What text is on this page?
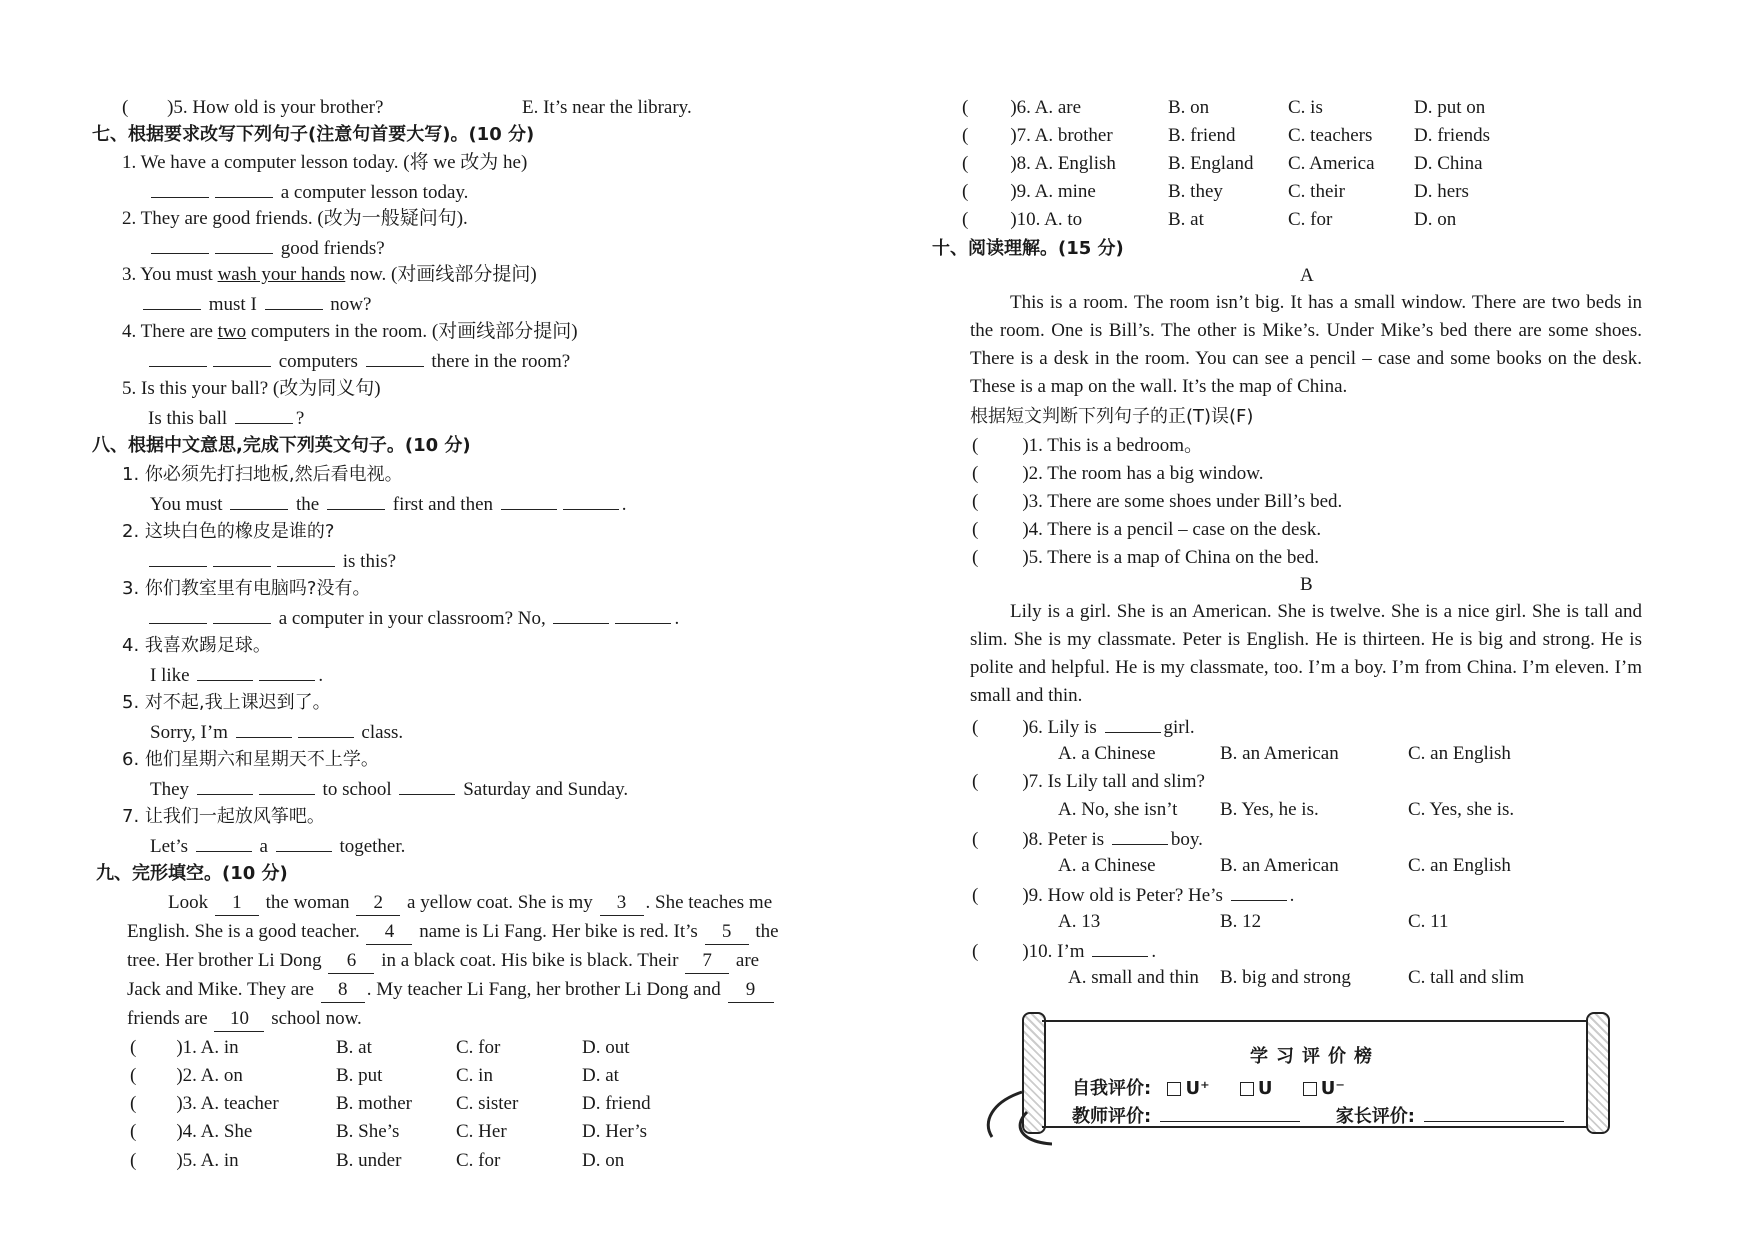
( )5. How old is your brother?	E. It’s near the library.
七、根据要求改写下列句子(注意句首要大写)。(10 分)
1. We have a computer lesson today. (将 we 改为 he)
a computer lesson today.
2. They are good friends. (改为一般疑问句).
good friends?
3. You must wash your hands now. (对画线部分提问)
must I	now?
4. There are two computers in the room. (对画线部分提问)
computers	there in the room?
5. Is this your ball? (改为同义句)
Is this ball	?
八、根据中文意思,完成下列英文句子。(10 分)
1. 你必须先打扫地板,然后看电视。
You must	the	first and then	.
2. 这块白色的橡皮是谁的?
is this?
3. 你们教室里有电脑吗?没有。
a computer in your classroom? No,	.
4. 我喜欢踢足球。
I like	.
5. 对不起,我上课迟到了。
Sorry, I’m	class.
6. 他们星期六和星期天不上学。
They	to school	Saturday and Sunday.
7. 让我们一起放风筝吧。
Let’s	a	together.
九、完形填空。(10 分)
Look 1 the woman 2 a yellow coat. She is my 3 . She teaches me
English. She is a good teacher. 4 name is Li Fang. Her bike is red. It’s 5 the
tree. Her brother Li Dong 6 in a black coat. His bike is black. Their 7 are
Jack and Mike. They are 8 . My teacher Li Fang, her brother Li Dong and 9
friends are 10 school now.
( )1. A. in	B. at	C. for	D. out
( )2. A. on	B. put	C. in	D. at
( )3. A. teacher	B. mother C. sister	D. friend
( )4. A. She	B. She’s	C. Her	D. Her’s
( )5. A. in	B. under	C. for	D. on
( )6. A. are	B. on	C. is	D. put on
( )7. A. brother	B. friend	C. teachers D. friends
( )8. A. English	B. England C. America D. China
( )9. A. mine	B. they	C. their	D. hers
( )10. A. to	B. at	C. for	D. on
十、阅读理解。(15 分)
A
This is a room. The room isn’t big. It has a small window. There are two beds in the room. One is Bill’s. The other is Mike’s. Under Mike’s bed there are some shoes. There is a desk in the room. You can see a pencil – case and some books on the desk. These is a map on the wall. It’s the map of China.
根据短文判断下列句子的正(T)误(F)
( )1. This is a bedroom。
( )2. The room has a big window.
( )3. There are some shoes under Bill’s bed.
( )4. There is a pencil – case on the desk.
( )5. There is a map of China on the bed.
B
Lily is a girl. She is an American. She is twelve. She is a nice girl. She is tall and slim. She is my classmate. Peter is English. He is thirteen. He is big and strong. He is polite and helpful. He is my classmate, too. I’m a boy. I’m from China. I’m eleven. I’m small and thin.
( )6. Lily is	girl.
A. a Chinese	B. an American	C. an English
( )7. Is Lily tall and slim?
A. No, she isn’t B. Yes, he is.	C. Yes, she is.
( )8. Peter is	boy.
A. a Chinese	B. an American	C. an English
( )9. How old is Peter? He’s	.
A. 13	B. 12	C. 11
( )10. I’m	.
A. small and thin B. big and strong	C. tall and slim
学习评价榜
自我评价: U⁺	U	U⁻
教师评价:	家长评价:
